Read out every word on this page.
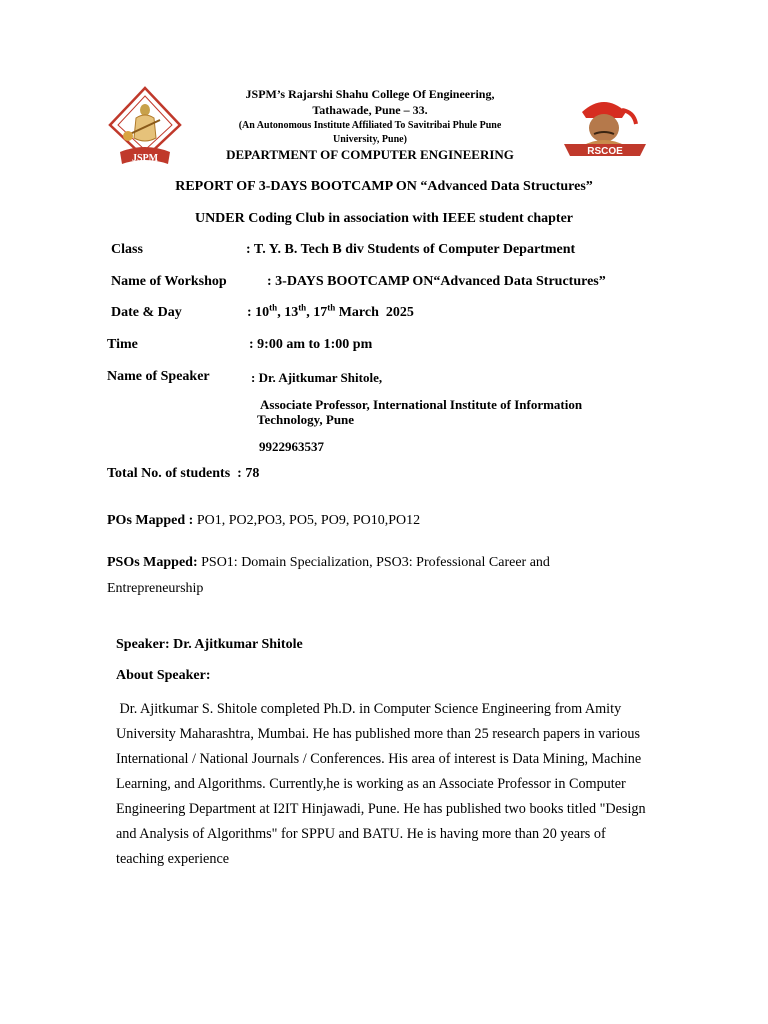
JSPM
JSPM’s Rajarshi Shahu College Of Engineering,
Tathawade, Pune – 33.
(An Autonomous Institute Affiliated To Savitribai Phule Pune
University, Pune)
DEPARTMENT OF COMPUTER ENGINEERING	RSCOE
REPORT OF 3-DAYS BOOTCAMP ON “Advanced Data Structures”
UNDER Coding Club in association with IEEE student chapter
Class	: T. Y. B. Tech B div Students of Computer Department
Name of Workshop	: 3-DAYS BOOTCAMP ON“Advanced Data Structures”
Date & Day	: 10th, 13th, 17th March  2025
Time	: 9:00 am to 1:00 pm
Name of Speaker	: Dr. Ajitkumar Shitole,
Associate Professor, International Institute of Information
Technology, Pune
9922963537
Total No. of students : 78
POs Mapped : PO1, PO2,PO3, PO5, PO9, PO10,PO12
PSOs Mapped: PSO1: Domain Specialization, PSO3: Professional Career and
Entrepreneurship
Speaker: Dr. Ajitkumar Shitole
About Speaker:
Dr. Ajitkumar S. Shitole completed Ph.D. in Computer Science Engineering from Amity
University Maharashtra, Mumbai. He has published more than 25 research papers in various
International / National Journals / Conferences. His area of interest is Data Mining, Machine
Learning, and Algorithms. Currently,he is working as an Associate Professor in Computer
Engineering Department at I2IT Hinjawadi, Pune. He has published two books titled "Design
and Analysis of Algorithms" for SPPU and BATU. He is having more than 20 years of
teaching experience
